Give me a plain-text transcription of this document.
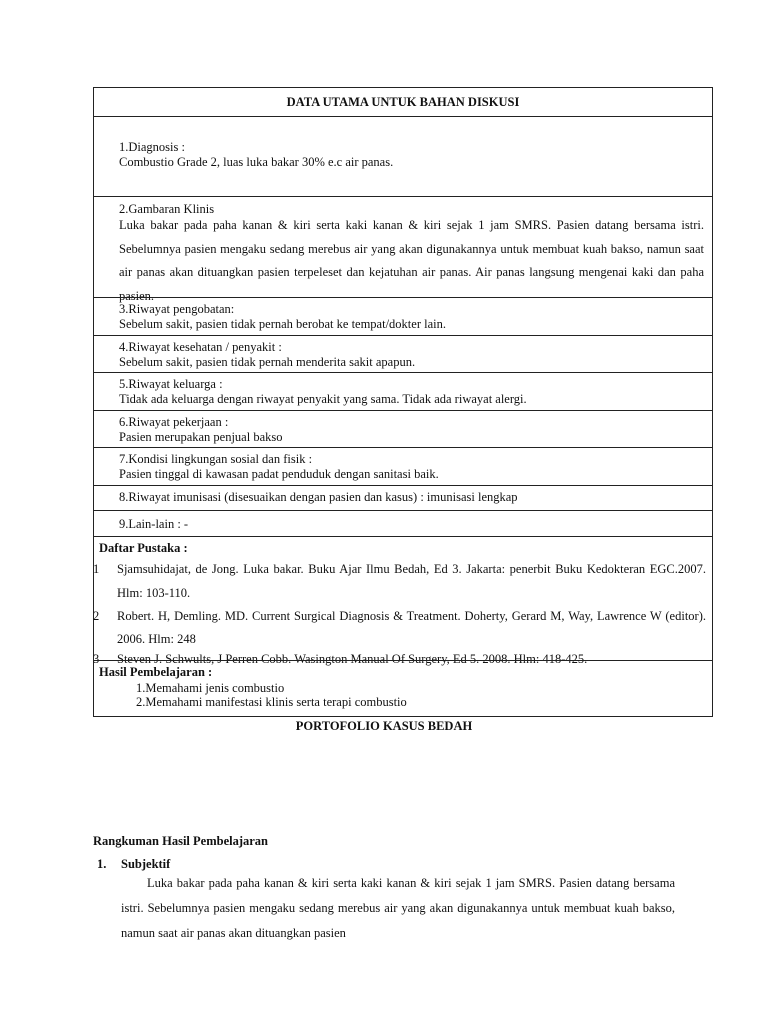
DATA UTAMA UNTUK BAHAN DISKUSI
1.Diagnosis :
Combustio Grade 2, luas luka bakar 30% e.c air panas.
2.Gambaran Klinis
Luka bakar pada paha kanan & kiri serta kaki kanan & kiri sejak 1 jam SMRS. Pasien datang bersama istri. Sebelumnya pasien mengaku sedang merebus air yang akan digunakannya untuk membuat kuah bakso, namun saat air panas akan dituangkan pasien terpeleset dan kejatuhan air panas. Air panas langsung mengenai kaki dan paha pasien.
3.Riwayat pengobatan:
Sebelum sakit, pasien tidak pernah berobat ke tempat/dokter lain.
4.Riwayat kesehatan / penyakit :
Sebelum sakit, pasien tidak pernah menderita sakit apapun.
5.Riwayat keluarga :
Tidak ada keluarga dengan riwayat penyakit yang sama. Tidak ada riwayat alergi.
6.Riwayat pekerjaan :
Pasien merupakan penjual bakso
7.Kondisi lingkungan sosial dan fisik :
Pasien tinggal di kawasan padat penduduk dengan sanitasi baik.
8.Riwayat imunisasi (disesuaikan dengan pasien dan kasus) : imunisasi lengkap
9.Lain-lain : -
Daftar Pustaka :
1 Sjamsuhidajat, de Jong. Luka bakar. Buku Ajar Ilmu Bedah, Ed 3. Jakarta: penerbit Buku Kedokteran EGC.2007. Hlm: 103-110.
2 Robert. H, Demling. MD. Current Surgical Diagnosis & Treatment. Doherty, Gerard M, Way, Lawrence W (editor). 2006. Hlm: 248
3 Steven J. Schwults, J Perren Cobb. Wasington Manual Of Surgery, Ed 5. 2008. Hlm: 418-425.
Hasil Pembelajaran :
1.Memahami jenis combustio
2.Memahami manifestasi klinis serta terapi combustio
PORTOFOLIO KASUS BEDAH
Rangkuman Hasil Pembelajaran
1. Subjektif
Luka bakar pada paha kanan & kiri serta kaki kanan & kiri sejak 1 jam SMRS. Pasien datang bersama istri. Sebelumnya pasien mengaku sedang merebus air yang akan digunakannya untuk membuat kuah bakso, namun saat air panas akan dituangkan pasien
